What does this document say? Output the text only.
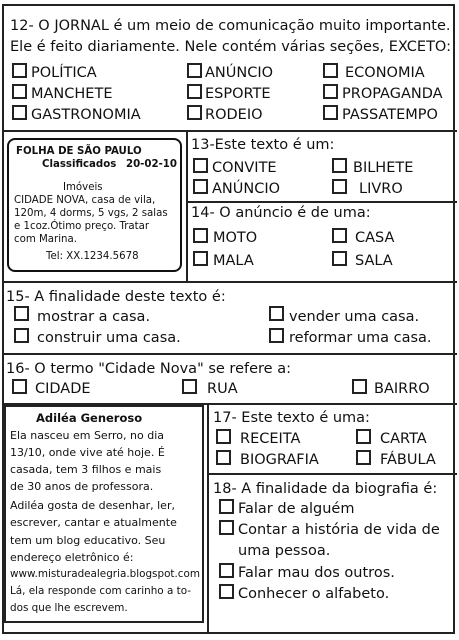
12- O JORNAL é um meio de comunicação muito importante.
Ele é feito diariamente. Nele contém várias seções, EXCETO:
POLÍTICA	ANÚNCIO	ECONOMIA
MANCHETE	ESPORTE	PROPAGANDA
GASTRONOMIA	RODEIO	PASSATEMPO
FOLHA DE SÃO PAULO
Classificados 20-02-10
Imóveis
CIDADE NOVA, casa de vila,
120m, 4 dorms, 5 vgs, 2 salas
e 1coz.Ótimo preço. Tratar
com Marina.
Tel: XX.1234.5678
13-Este texto é um:
CONVITE	BILHETE
ANÚNCIO	LIVRO
14- O anúncio é de uma:
MOTO	CASA
MALA	SALA
15- A finalidade deste texto é:
mostrar a casa.	vender uma casa.
construir uma casa.	reformar uma casa.
16- O termo "Cidade Nova" se refere a:
CIDADE	RUA	BAIRRO
Adiléa Generoso
Ela nasceu em Serro, no dia
13/10, onde vive até hoje. É
casada, tem 3 filhos e mais
de 30 anos de professora.
Adiléa gosta de desenhar, ler,
escrever, cantar e atualmente
tem um blog educativo. Seu
endereço eletrônico é:
www.misturadealegria.blogspot.com
Lá, ela responde com carinho a to-
dos que lhe escrevem.
17- Este texto é uma:
RECEITA	CARTA
BIOGRAFIA	FÁBULA
18- A finalidade da biografia é:
Falar de alguém
Contar a história de vida de
uma pessoa.
Falar mau dos outros.
Conhecer o alfabeto.
